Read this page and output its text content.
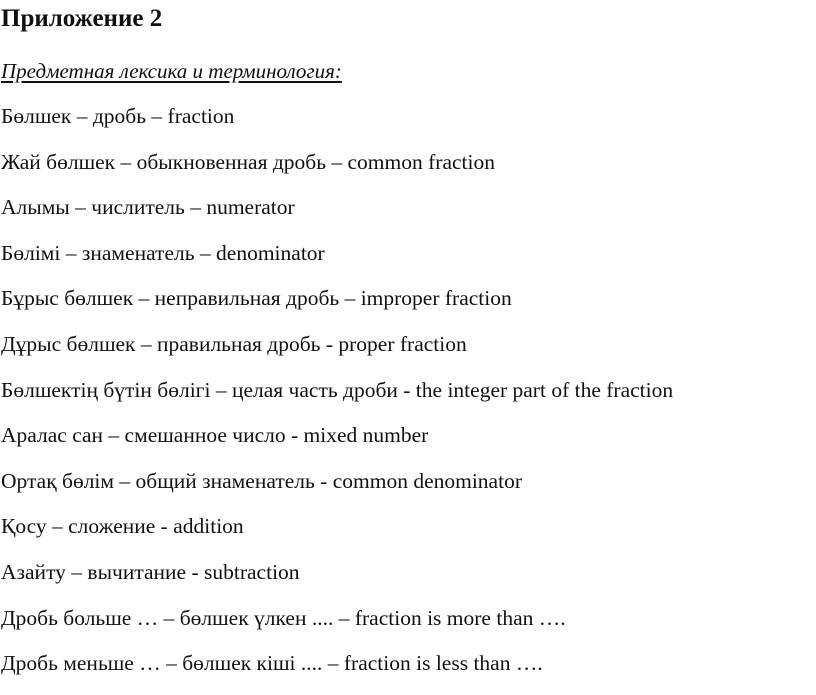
Приложение 2
Предметная лексика и терминология:
Бөлшек – дробь – fraction
Жай бөлшек – обыкновенная дробь – common fraction
Алымы – числитель – numerator
Бөлімі – знаменатель – denominator
Бұрыс бөлшек – неправильная дробь – improper fraction
Дұрыс бөлшек – правильная дробь - proper fraction
Бөлшектің бүтін бөлігі – целая часть дроби - the integer part of the fraction
Аралас сан – смешанное число - mixed number
Ортақ бөлім – общий знаменатель - common denominator
Қосу – сложение - addition
Азайту – вычитание - subtraction
Дробь больше … – бөлшек үлкен .... – fraction is more than ….
Дробь меньше … – бөлшек кіші .... – fraction is less than ….
